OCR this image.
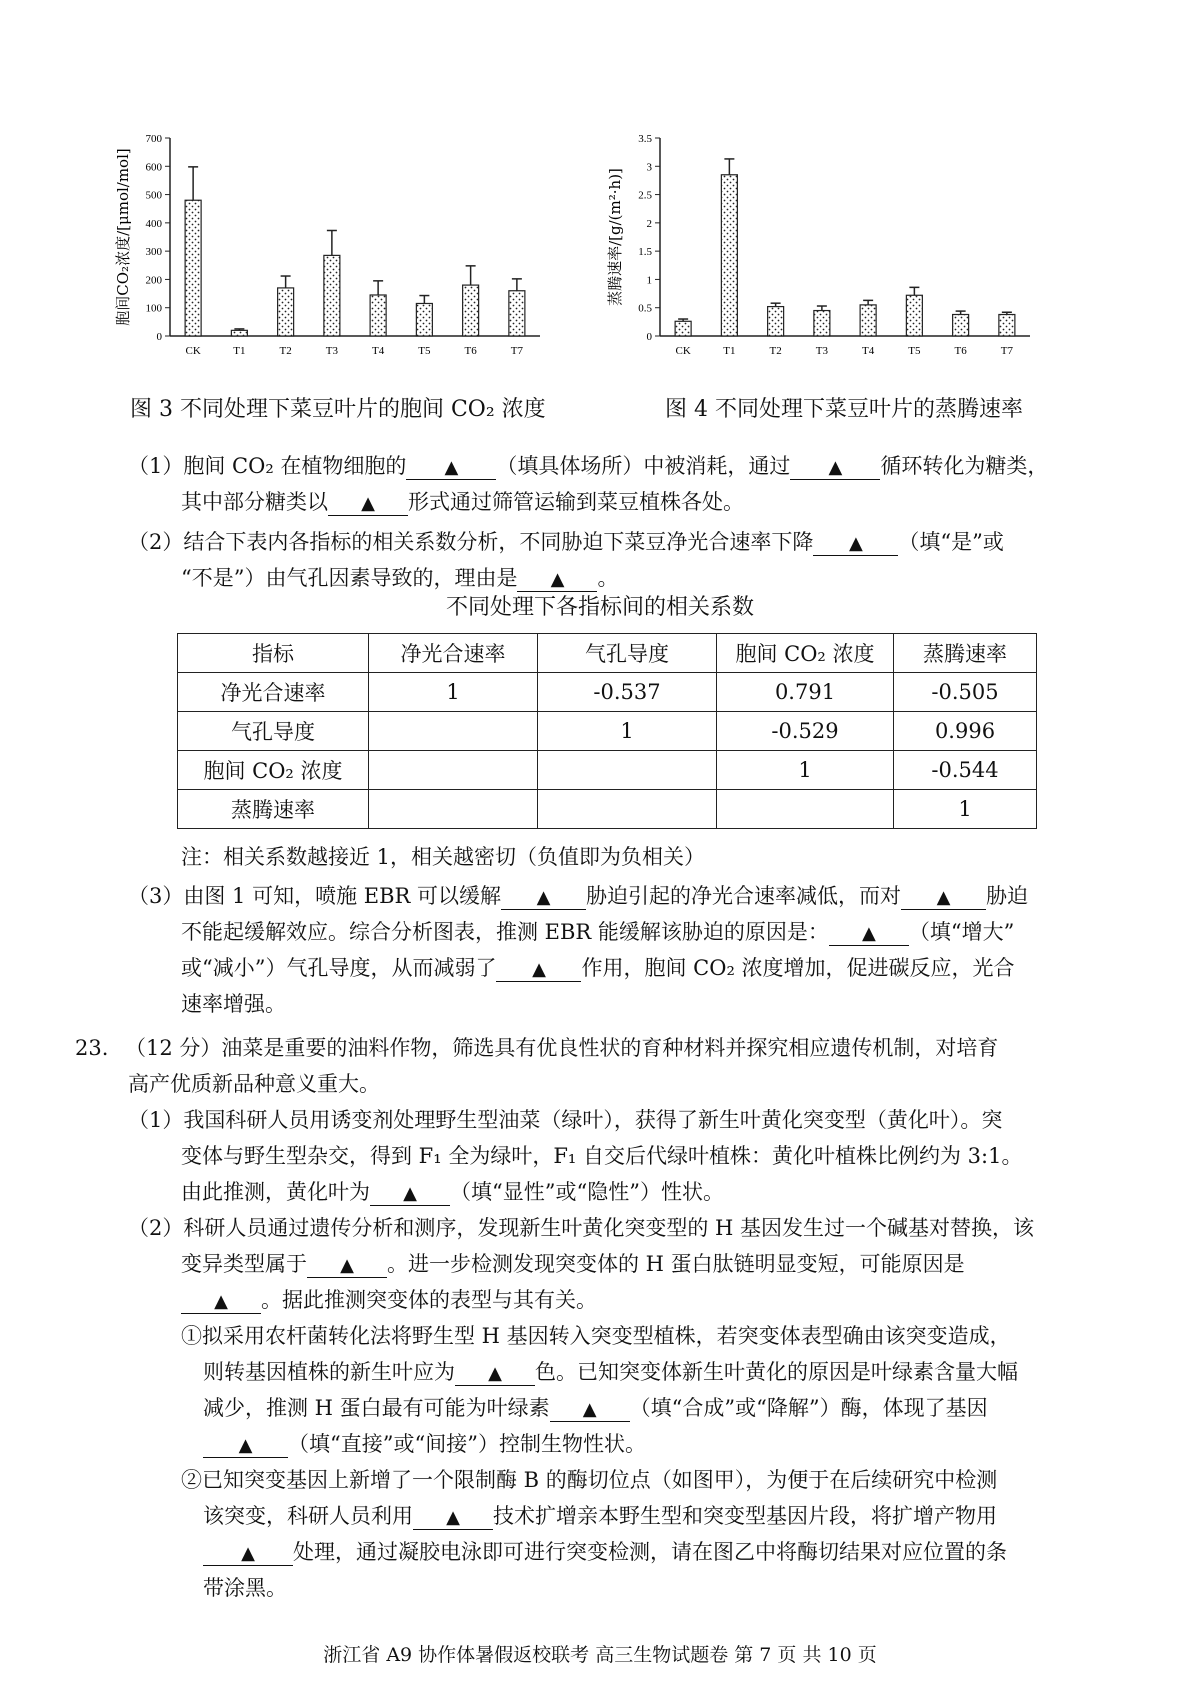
700
600
500
400
300
200
100
0
胞间CO₂浓度/[μmol/mol]
CK	T1	T2	T3	T4	T5	T6	T7
图 3 不同处理下菜豆叶片的胞间 CO₂ 浓度
3.5
3
2.5
2
1.5
1
0.5
0
蒸腾速率/[g/(m²·h)]
CK	T1	T2	T3	T4	T5	T6	T7
图 4 不同处理下菜豆叶片的蒸腾速率
（1）胞间 CO₂ 在植物细胞的 ▲ （填具体场所）中被消耗，通过 ▲ 循环转化为糖类，
其中部分糖类以 ▲ 形式通过筛管运输到菜豆植株各处。
（2）结合下表内各指标的相关系数分析，不同胁迫下菜豆净光合速率下降 ▲ （填“是”或
“不是”）由气孔因素导致的，理由是 ▲ 。
不同处理下各指标间的相关系数
指标	净光合速率	气孔导度	胞间 CO₂ 浓度	蒸腾速率
净光合速率	1	-0.537	0.791	-0.505
气孔导度		1	-0.529	0.996
胞间 CO₂ 浓度			1	-0.544
蒸腾速率				1
注：相关系数越接近 1，相关越密切（负值即为负相关）
（3）由图 1 可知，喷施 EBR 可以缓解 ▲ 胁迫引起的净光合速率减低，而对 ▲ 胁迫
不能起缓解效应。综合分析图表，推测 EBR 能缓解该胁迫的原因是： ▲ （填“增大”
或“减小”）气孔导度，从而减弱了 ▲ 作用，胞间 CO₂ 浓度增加，促进碳反应，光合
速率增强。
23. （12 分）油菜是重要的油料作物，筛选具有优良性状的育种材料并探究相应遗传机制，对培育
高产优质新品种意义重大。
（1）我国科研人员用诱变剂处理野生型油菜（绿叶），获得了新生叶黄化突变型（黄化叶）。突
变体与野生型杂交，得到 F₁ 全为绿叶，F₁ 自交后代绿叶植株：黄化叶植株比例约为 3:1。
由此推测，黄化叶为 ▲ （填“显性”或“隐性”）性状。
（2）科研人员通过遗传分析和测序，发现新生叶黄化突变型的 H 基因发生过一个碱基对替换，该
变异类型属于 ▲ 。进一步检测发现突变体的 H 蛋白肽链明显变短，可能原因是
▲ 。据此推测突变体的表型与其有关。
①拟采用农杆菌转化法将野生型 H 基因转入突变型植株，若突变体表型确由该突变造成，
则转基因植株的新生叶应为 ▲ 色。已知突变体新生叶黄化的原因是叶绿素含量大幅
减少，推测 H 蛋白最有可能为叶绿素 ▲ （填“合成”或“降解”）酶，体现了基因
▲ （填“直接”或“间接”）控制生物性状。
②已知突变基因上新增了一个限制酶 B 的酶切位点（如图甲），为便于在后续研究中检测
该突变，科研人员利用 ▲ 技术扩增亲本野生型和突变型基因片段，将扩增产物用
▲ 处理，通过凝胶电泳即可进行突变检测，请在图乙中将酶切结果对应位置的条
带涂黑。
浙江省 A9 协作体暑假返校联考 高三生物试题卷 第 7 页 共 10 页
